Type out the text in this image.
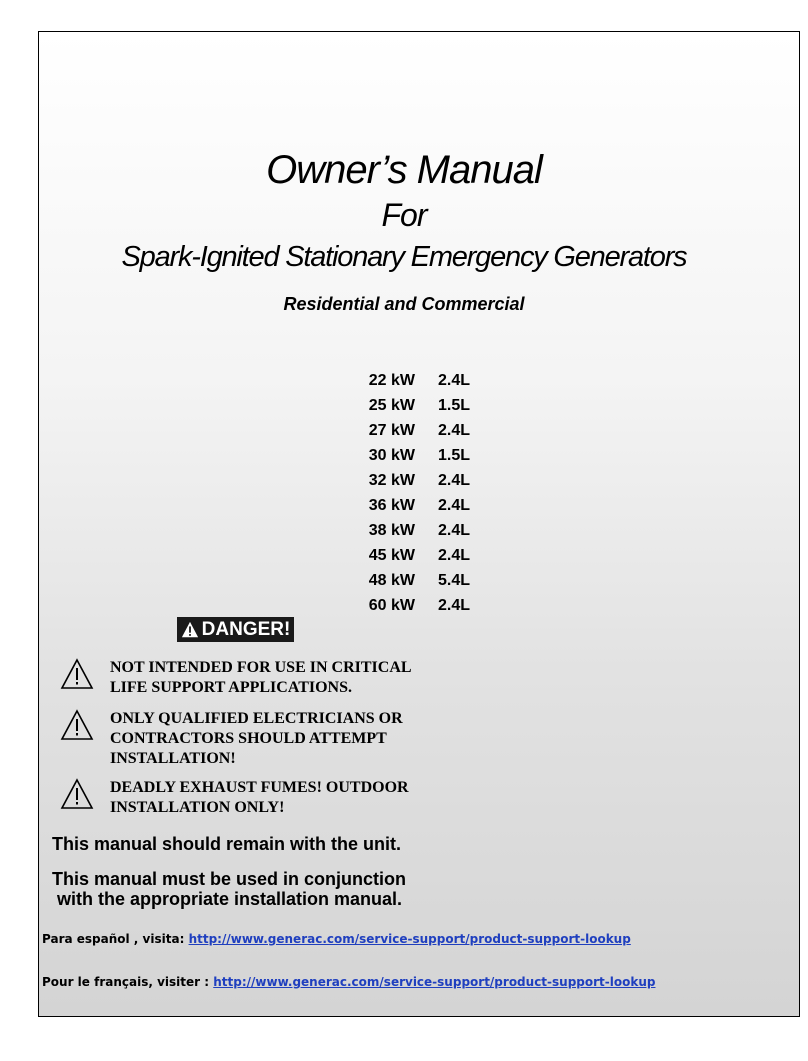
Owner’s Manual
For
Spark-Ignited Stationary Emergency Generators
Residential and Commercial
22 kW 2.4L
25 kW 1.5L
27 kW 2.4L
30 kW 1.5L
32 kW 2.4L
36 kW 2.4L
38 kW 2.4L
45 kW 2.4L
48 kW 5.4L
60 kW 2.4L
DANGER!
NOT INTENDED FOR USE IN CRITICAL
LIFE SUPPORT APPLICATIONS.
ONLY QUALIFIED ELECTRICIANS OR
CONTRACTORS SHOULD ATTEMPT
INSTALLATION!
DEADLY EXHAUST FUMES! OUTDOOR
INSTALLATION ONLY!
This manual should remain with the unit.
This manual must be used in conjunction
with the appropriate installation manual.
Para español , visita: http://www.generac.com/service-support/product-support-lookup
Pour le français, visiter : http://www.generac.com/service-support/product-support-lookup
